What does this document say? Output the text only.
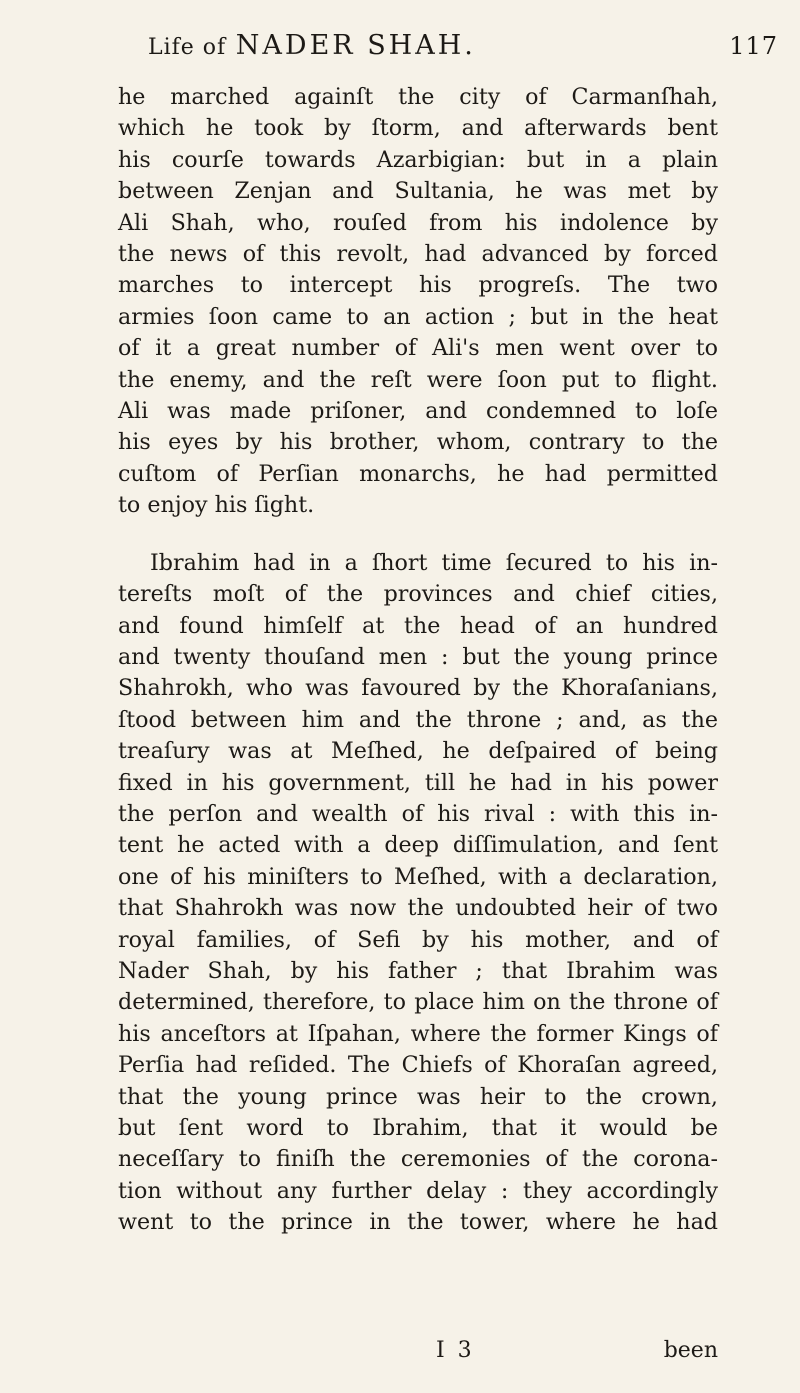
Life of NADER SHAH.	117
he marched againſt the city of Carmanſhah,
which he took by ſtorm, and afterwards bent
his courſe towards Azarbigian: but in a plain
between Zenjan and Sultania, he was met by
Ali Shah, who, rouſed from his indolence by
the news of this revolt, had advanced by forced
marches to intercept his progreſs. The two
armies ſoon came to an action ; but in the heat
of it a great number of Ali's men went over to
the enemy, and the reſt were ſoon put to flight.
Ali was made priſoner, and condemned to loſe
his eyes by his brother, whom, contrary to the
cuſtom of Perſian monarchs, he had permitted
to enjoy his ſight.
Ibrahim had in a ſhort time ſecured to his in-
tereſts moſt of the provinces and chief cities,
and found himſelf at the head of an hundred
and twenty thouſand men : but the young prince
Shahrokh, who was favoured by the Khoraſanians,
ſtood between him and the throne ; and, as the
treaſury was at Meſhed, he deſpaired of being
fixed in his government, till he had in his power
the perſon and wealth of his rival : with this in-
tent he acted with a deep diſſimulation, and ſent
one of his miniſters to Meſhed, with a declaration,
that Shahrokh was now the undoubted heir of two
royal families, of Sefi by his mother, and of
Nader Shah, by his father ; that Ibrahim was
determined, therefore, to place him on the throne of
his anceſtors at Iſpahan, where the former Kings of
Perſia had reſided. The Chiefs of Khoraſan agreed,
that the young prince was heir to the crown,
but ſent word to Ibrahim, that it would be
neceſſary to finiſh the ceremonies of the corona-
tion without any further delay : they accordingly
went to the prince in the tower, where he had
I 3	been
